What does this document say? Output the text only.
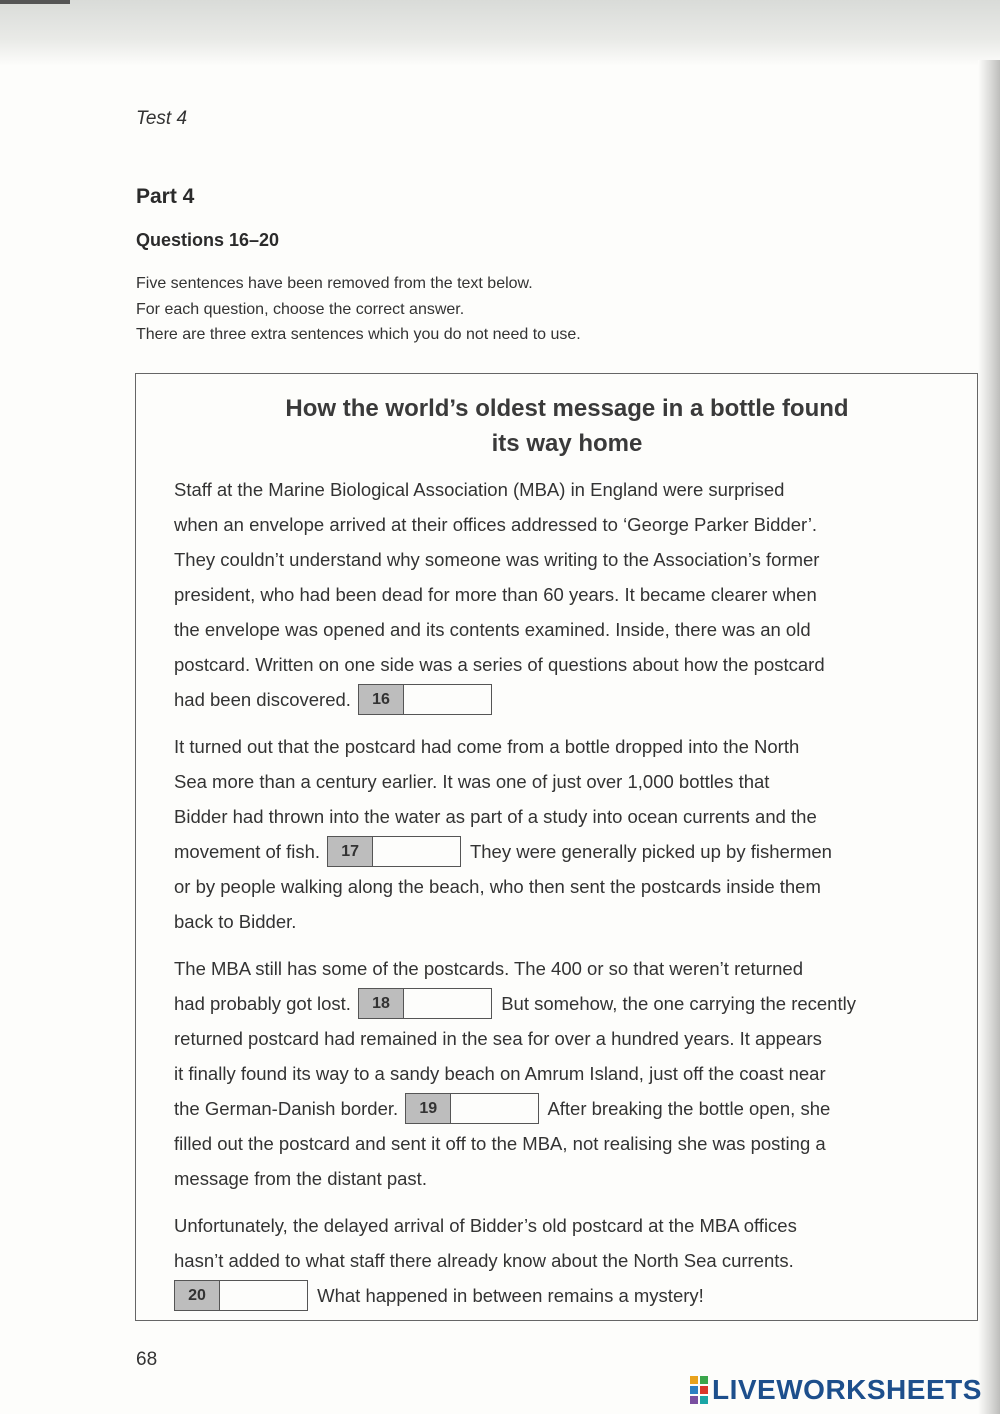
Test 4
Part 4
Questions 16–20
Five sentences have been removed from the text below.
For each question, choose the correct answer.
There are three extra sentences which you do not need to use.
How the world’s oldest message in a bottle found
its way home
Staff at the Marine Biological Association (MBA) in England were surprised
when an envelope arrived at their offices addressed to ‘George Parker Bidder’.
They couldn’t understand why someone was writing to the Association’s former
president, who had been dead for more than 60 years. It became clearer when
the envelope was opened and its contents examined. Inside, there was an old
postcard. Written on one side was a series of questions about how the postcard
had been discovered.	16
It turned out that the postcard had come from a bottle dropped into the North
Sea more than a century earlier. It was one of just over 1,000 bottles that
Bidder had thrown into the water as part of a study into ocean currents and the
movement of fish.	17	They were generally picked up by fishermen
or by people walking along the beach, who then sent the postcards inside them
back to Bidder.
The MBA still has some of the postcards. The 400 or so that weren’t returned
had probably got lost.	18	But somehow, the one carrying the recently
returned postcard had remained in the sea for over a hundred years. It appears
it finally found its way to a sandy beach on Amrum Island, just off the coast near
the German-Danish border.	19	After breaking the bottle open, she
filled out the postcard and sent it off to the MBA, not realising she was posting a
message from the distant past.
Unfortunately, the delayed arrival of Bidder’s old postcard at the MBA offices
hasn’t added to what staff there already know about the North Sea currents.
20	What happened in between remains a mystery!
68
LIVEWORKSHEETS
